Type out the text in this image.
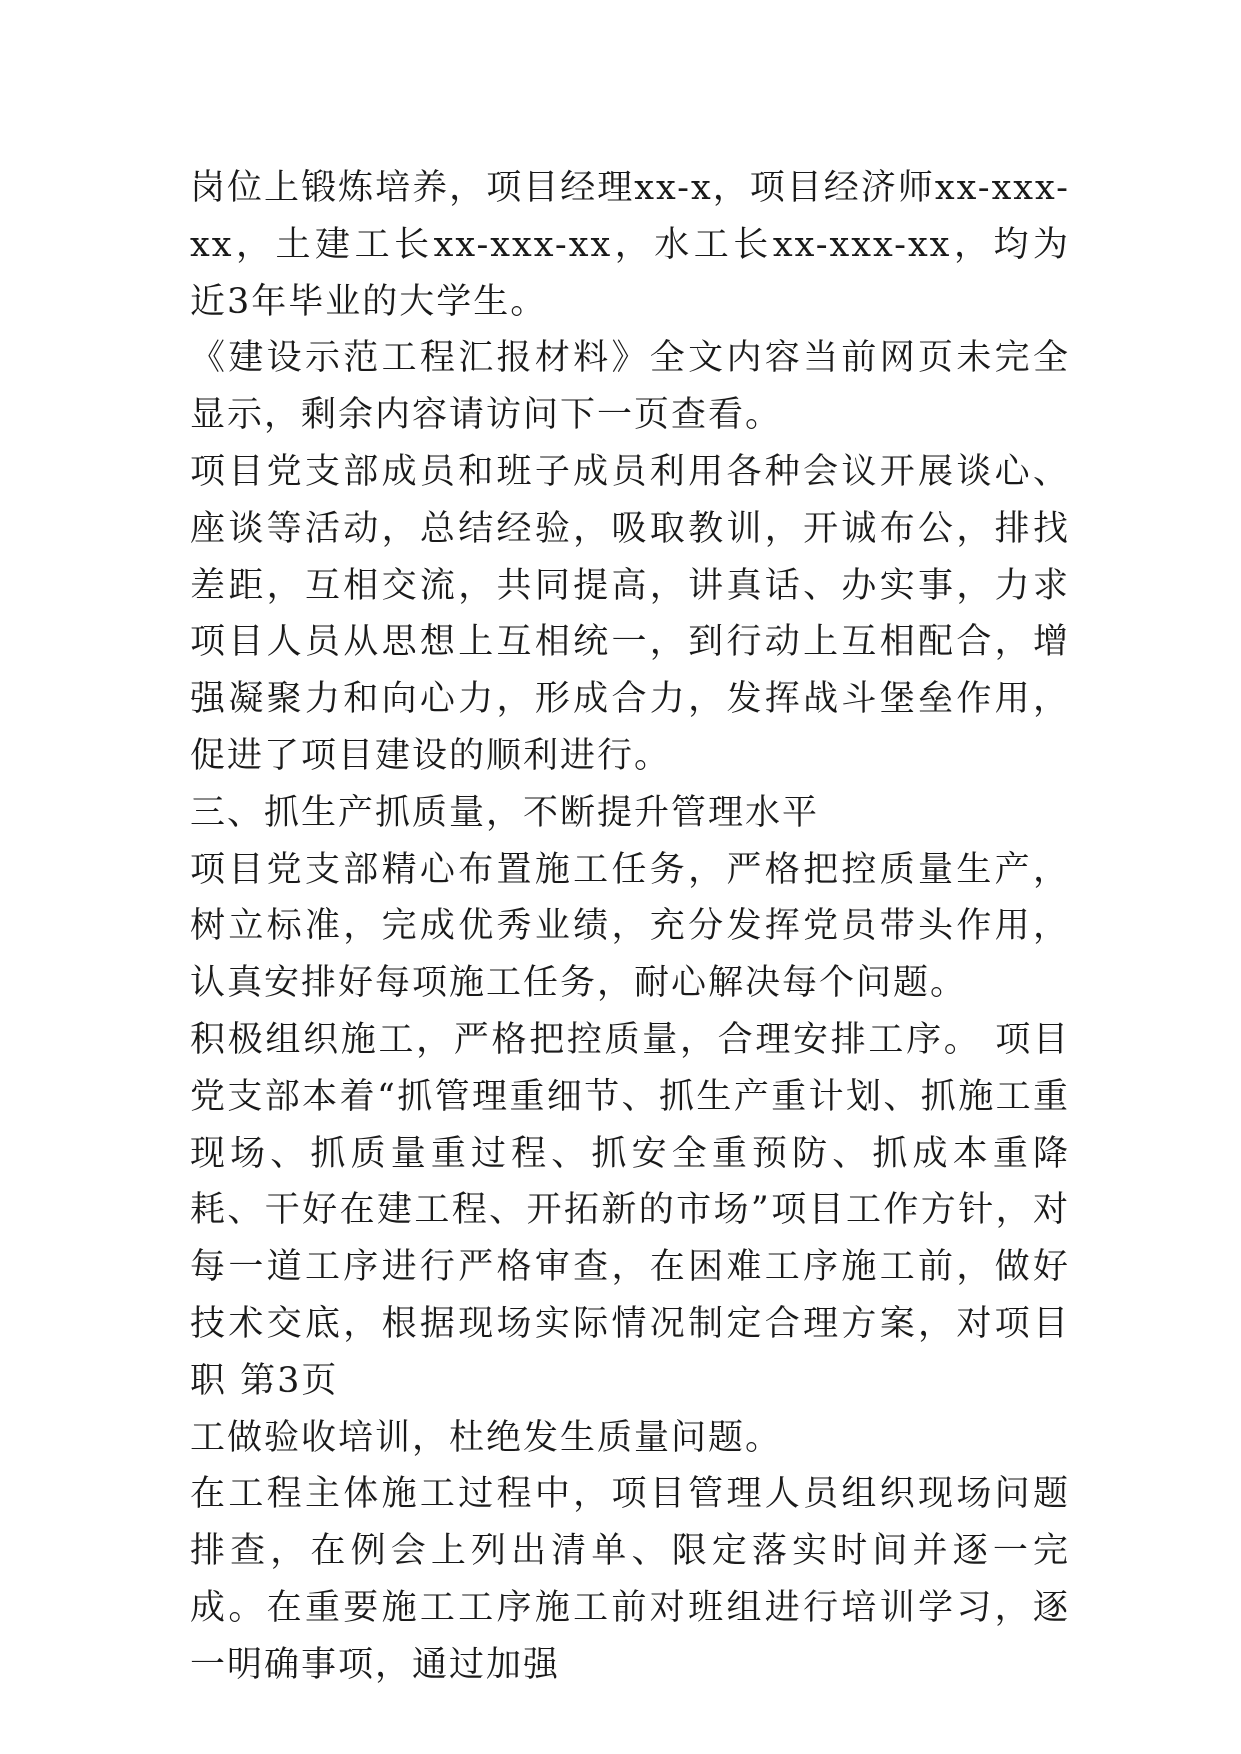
岗位上锻炼培养，项目经理xx-x，项目经济师xx-xxx-xx，土建工长xx-xxx-xx，水工长xx-xxx-xx，均为近3年毕业的大学生。

《建设示范工程汇报材料》全文内容当前网页未完全显示，剩余内容请访问下一页查看。

项目党支部成员和班子成员利用各种会议开展谈心、座谈等活动，总结经验，吸取教训，开诚布公，排找差距，互相交流，共同提高，讲真话、办实事，力求项目人员从思想上互相统一，到行动上互相配合，增强凝聚力和向心力，形成合力，发挥战斗堡垒作用，促进了项目建设的顺利进行。

三、抓生产抓质量，不断提升管理水平

项目党支部精心布置施工任务，严格把控质量生产，树立标准，完成优秀业绩，充分发挥党员带头作用，认真安排好每项施工任务，耐心解决每个问题。

积极组织施工，严格把控质量，合理安排工序。 项目党支部本着“抓管理重细节、抓生产重计划、抓施工重现场、抓质量重过程、抓安全重预防、抓成本重降耗、干好在建工程、开拓新的市场”项目工作方针，对每一道工序进行严格审查，在困难工序施工前，做好技术交底，根据现场实际情况制定合理方案，对项目职 第3页

工做验收培训，杜绝发生质量问题。

在工程主体施工过程中，项目管理人员组织现场问题排查，在例会上列出清单、限定落实时间并逐一完成。在重要施工工序施工前对班组进行培训学习，逐一明确事项，通过加强
